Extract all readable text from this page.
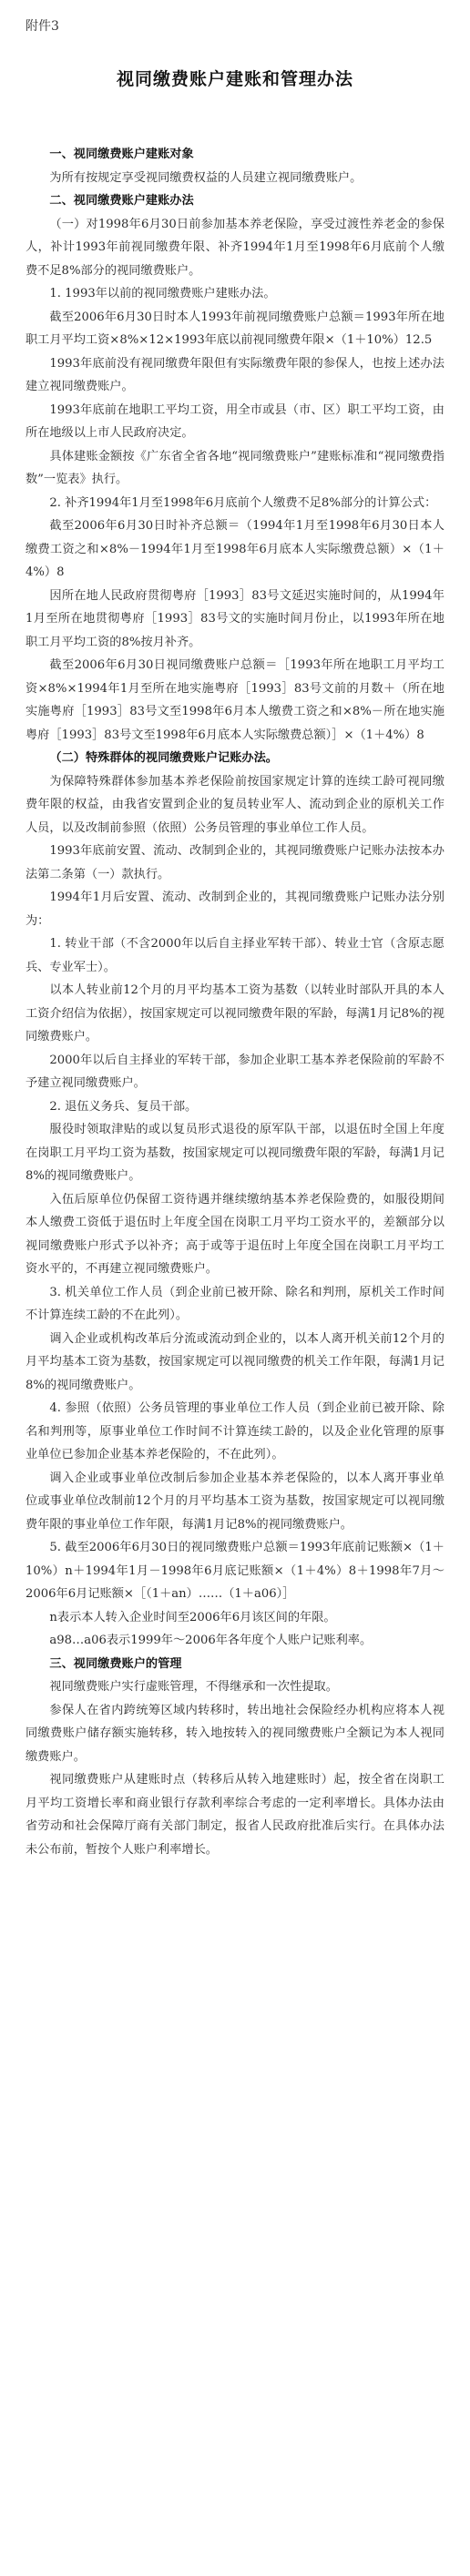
附件3
视同缴费账户建账和管理办法

一、视同缴费账户建账对象

为所有按规定享受视同缴费权益的人员建立视同缴费账户。

二、视同缴费账户建账办法

（一）对1998年6月30日前参加基本养老保险，享受过渡性养老金的参保人，补计1993年前视同缴费年限、补齐1994年1月至1998年6月底前个人缴费不足8%部分的视同缴费账户。

1. 1993年以前的视同缴费账户建账办法。

截至2006年6月30日时本人1993年前视同缴费账户总额＝1993年所在地职工月平均工资×8%×12×1993年底以前视同缴费年限×（1＋10%）12.5

1993年底前没有视同缴费年限但有实际缴费年限的参保人，也按上述办法建立视同缴费账户。

1993年底前在地职工平均工资，用全市或县（市、区）职工平均工资，由所在地级以上市人民政府决定。

具体建账金额按《广东省全省各地“视同缴费账户”建账标准和“视同缴费指数”一览表》执行。

2. 补齐1994年1月至1998年6月底前个人缴费不足8%部分的计算公式：

截至2006年6月30日时补齐总额＝（1994年1月至1998年6月30日本人缴费工资之和×8%－1994年1月至1998年6月底本人实际缴费总额）×（1＋4%）8

因所在地人民政府贯彻粤府［1993］83号文延迟实施时间的，从1994年1月至所在地贯彻粤府［1993］83号文的实施时间月份止，以1993年所在地职工月平均工资的8%按月补齐。

截至2006年6月30日视同缴费账户总额＝［1993年所在地职工月平均工资×8%×1994年1月至所在地实施粤府［1993］83号文前的月数＋（所在地实施粤府［1993］83号文至1998年6月本人缴费工资之和×8%－所在地实施粤府［1993］83号文至1998年6月底本人实际缴费总额）］×（1＋4%）8

（二）特殊群体的视同缴费账户记账办法。

为保障特殊群体参加基本养老保险前按国家规定计算的连续工龄可视同缴费年限的权益，由我省安置到企业的复员转业军人、流动到企业的原机关工作人员，以及改制前参照（依照）公务员管理的事业单位工作人员。

1993年底前安置、流动、改制到企业的，其视同缴费账户记账办法按本办法第二条第（一）款执行。

1994年1月后安置、流动、改制到企业的，其视同缴费账户记账办法分别为：

1. 转业干部（不含2000年以后自主择业军转干部）、转业士官（含原志愿兵、专业军士）。

以本人转业前12个月的月平均基本工资为基数（以转业时部队开具的本人工资介绍信为依据），按国家规定可以视同缴费年限的军龄，每满1月记8%的视同缴费账户。

2000年以后自主择业的军转干部，参加企业职工基本养老保险前的军龄不予建立视同缴费账户。

2. 退伍义务兵、复员干部。

服役时领取津贴的或以复员形式退役的原军队干部，以退伍时全国上年度在岗职工月平均工资为基数，按国家规定可以视同缴费年限的军龄，每满1月记8%的视同缴费账户。

入伍后原单位仍保留工资待遇并继续缴纳基本养老保险费的，如服役期间本人缴费工资低于退伍时上年度全国在岗职工月平均工资水平的，差额部分以视同缴费账户形式予以补齐；高于或等于退伍时上年度全国在岗职工月平均工资水平的，不再建立视同缴费账户。

3. 机关单位工作人员（到企业前已被开除、除名和判刑，原机关工作时间不计算连续工龄的不在此列）。

调入企业或机构改革后分流或流动到企业的，以本人离开机关前12个月的月平均基本工资为基数，按国家规定可以视同缴费的机关工作年限，每满1月记8%的视同缴费账户。

4. 参照（依照）公务员管理的事业单位工作人员（到企业前已被开除、除名和判刑等，原事业单位工作时间不计算连续工龄的，以及企业化管理的原事业单位已参加企业基本养老保险的，不在此列）。

调入企业或事业单位改制后参加企业基本养老保险的，以本人离开事业单位或事业单位改制前12个月的月平均基本工资为基数，按国家规定可以视同缴费年限的事业单位工作年限，每满1月记8%的视同缴费账户。

5. 截至2006年6月30日的视同缴费账户总额＝1993年底前记账额×（1＋10%）n＋1994年1月－1998年6月底记账额×（1＋4%）8＋1998年7月～2006年6月记账额×［（1＋an）……（1＋a06）］

n表示本人转入企业时间至2006年6月该区间的年限。

a98…a06表示1999年～2006年各年度个人账户记账利率。

三、视同缴费账户的管理

视同缴费账户实行虚账管理，不得继承和一次性提取。

参保人在省内跨统筹区域内转移时，转出地社会保险经办机构应将本人视同缴费账户储存额实施转移，转入地按转入的视同缴费账户全额记为本人视同缴费账户。

视同缴费账户从建账时点（转移后从转入地建账时）起，按全省在岗职工月平均工资增长率和商业银行存款利率综合考虑的一定利率增长。具体办法由省劳动和社会保障厅商有关部门制定，报省人民政府批准后实行。在具体办法未公布前，暂按个人账户利率增长。
